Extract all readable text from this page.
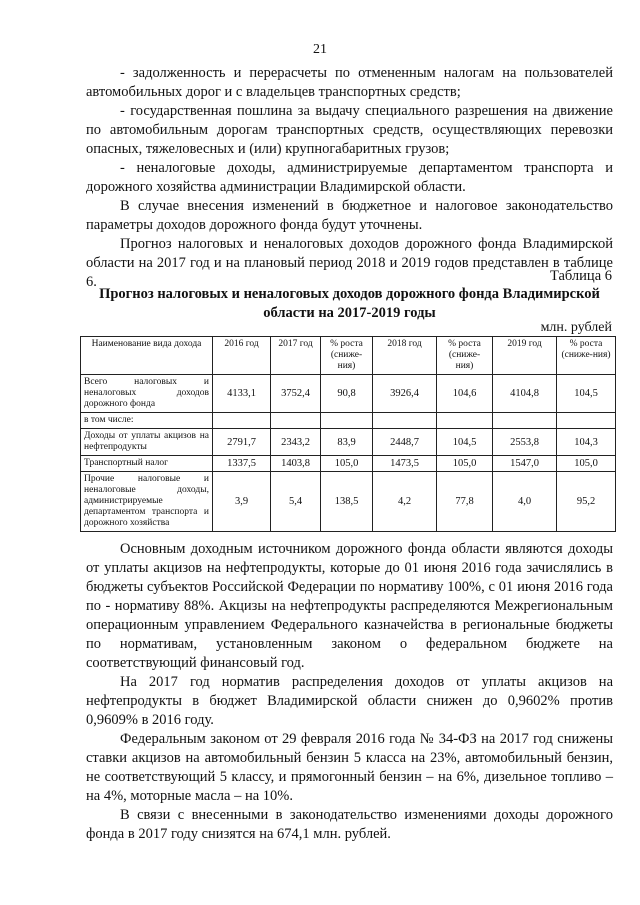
21

- задолженность и перерасчеты по отмененным налогам на пользователей автомобильных дорог и с владельцев транспортных средств;

- государственная пошлина за выдачу специального разрешения на движение по автомобильным дорогам транспортных средств, осуществляющих перевозки опасных, тяжеловесных и (или) крупногабаритных грузов;

- неналоговые доходы, администрируемые департаментом транспорта и дорожного хозяйства администрации Владимирской области.

В случае внесения изменений в бюджетное и налоговое законодательство параметры доходов дорожного фонда будут уточнены.

Прогноз налоговых и неналоговых доходов дорожного фонда Владимирской области на 2017 год и на плановый период 2018 и 2019 годов представлен в таблице 6.	Таблица 6
Прогноз налоговых и неналоговых доходов дорожного фонда Владимирской области на 2017-2019 годы
млн. рублей
Наименование вида дохода	2016 год	2017 год	% роста (сниже-ния)	2018 год	% роста (сниже-ния)	2019 год	% роста (сниже-ния)
Всего налоговых и неналоговых доходов дорожного фонда	4133,1	3752,4	90,8	3926,4	104,6	4104,8	104,5
в том числе:							
Доходы от уплаты акцизов на нефтепродукты	2791,7	2343,2	83,9	2448,7	104,5	2553,8	104,3
Транспортный налог	1337,5	1403,8	105,0	1473,5	105,0	1547,0	105,0
Прочие налоговые и неналоговые доходы, администрируемые департаментом транспорта и дорожного хозяйства	3,9	5,4	138,5	4,2	77,8	4,0	95,2

Основным доходным источником дорожного фонда области являются доходы от уплаты акцизов на нефтепродукты, которые до 01 июня 2016 года зачислялись в бюджеты субъектов Российской Федерации по нормативу 100%, с 01 июня 2016 года по - нормативу 88%. Акцизы на нефтепродукты распределяются Межрегиональным операционным управлением Федерального казначейства в региональные бюджеты по нормативам, установленным законом о федеральном бюджете на соответствующий финансовый год.

На 2017 год норматив распределения доходов от уплаты акцизов на нефтепродукты в бюджет Владимирской области снижен до 0,9602% против 0,9609% в 2016 году.

Федеральным законом от 29 февраля 2016 года № 34-ФЗ на 2017 год снижены ставки акцизов на автомобильный бензин 5 класса на 23%, автомобильный бензин, не соответствующий 5 классу, и прямогонный бензин – на 6%, дизельное топливо – на 4%, моторные масла – на 10%.

В связи с внесенными в законодательство изменениями доходы дорожного фонда в 2017 году снизятся на 674,1 млн. рублей.
